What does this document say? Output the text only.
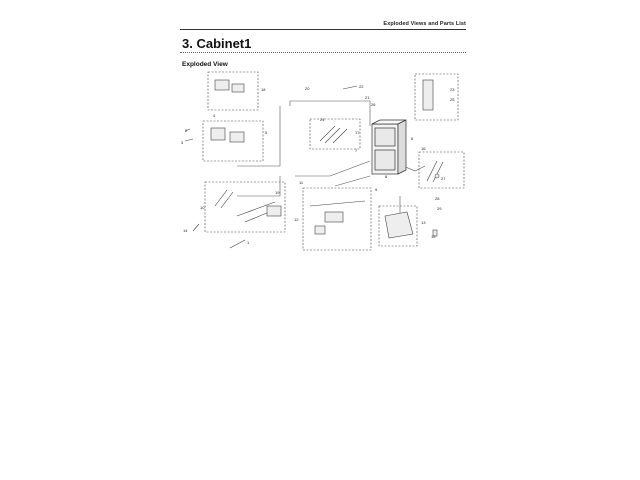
Exploded Views and Parts List
3. Cabinet1
Exploded View
18	20
21
22
4
2
3
5
24
17
7
6
16
23
25
27
28
29
10
14
1
12
11
13
15
9
8
19
26
